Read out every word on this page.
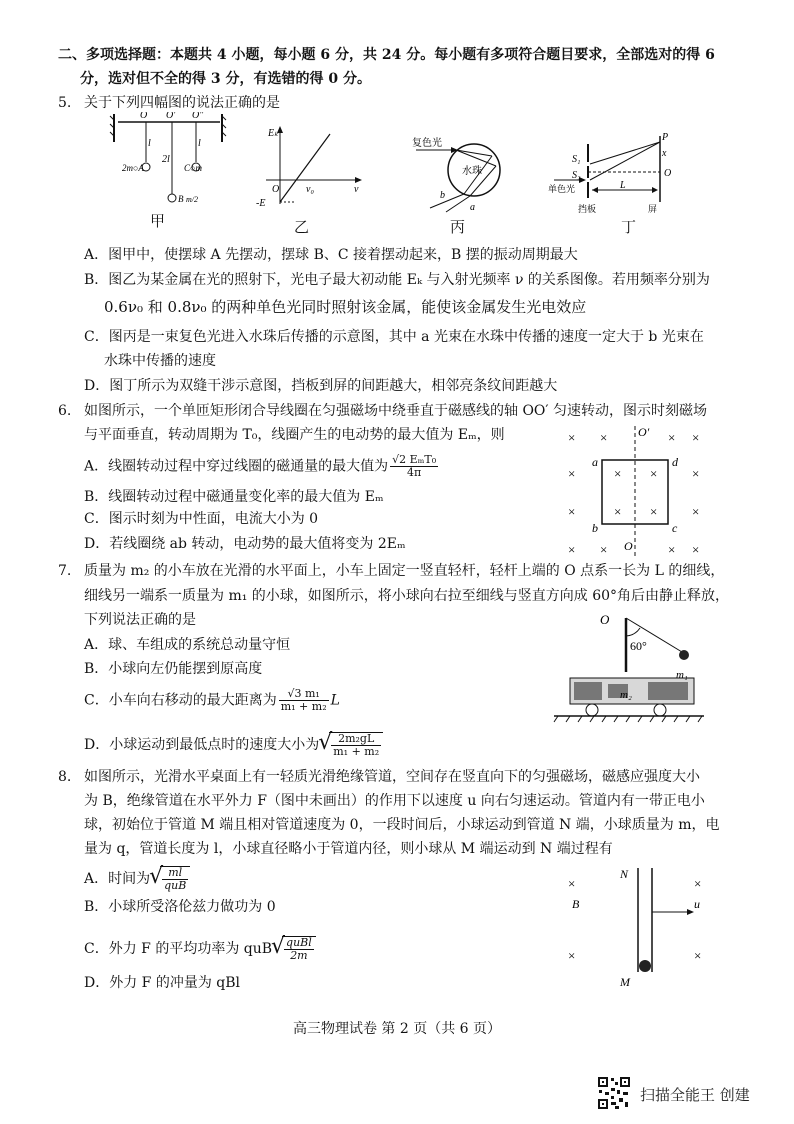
二、多项选择题：本题共 4 小题，每小题 6 分，共 24 分。每小题有多项符合题目要求，全部选对的得 6
分，选对但不全的得 3 分，有选错的得 0 分。
5. 关于下列四幅图的说法正确的是
O O′ O″
l
2l
l
2m○A	C○m
B m/2
甲
Eₖ
O	v₀	v
-E
乙
复色光
水珠
b
a
丙
S₁
S₂
P
x
O
L
单色光
挡板	屏
丁
A．图甲中，使摆球 A 先摆动，摆球 B、C 接着摆动起来，B 摆的振动周期最大
B．图乙为某金属在光的照射下，光电子最大初动能 Eₖ 与入射光频率 ν 的关系图像。若用频率分别为
0.6ν₀ 和 0.8ν₀ 的两种单色光同时照射该金属，能使该金属发生光电效应
C．图丙是一束复色光进入水珠后传播的示意图，其中 a 光束在水珠中传播的速度一定大于 b 光束在
水珠中传播的速度
D．图丁所示为双缝干涉示意图，挡板到屏的间距越大，相邻亮条纹间距越大
6. 如图所示，一个单匝矩形闭合导线圈在匀强磁场中绕垂直于磁感线的轴 OO′ 匀速转动，图示时刻磁场
与平面垂直，转动周期为 T₀，线圈产生的电动势的最大值为 Eₘ，则
A．线圈转动过程中穿过线圈的磁通量的最大值为 $\frac{\text{√2 EₘT₀}}{4\pi}$
B．线圈转动过程中磁通量变化率的最大值为 Eₘ
C．图示时刻为中性面，电流大小为 0
D．若线圈绕 ab 转动，电动势的最大值将变为 2Eₘ
× ×	× ×
×	×
×	×
× ×	× ×
× ×
× ×
O′
O
a	d
b	c
7. 质量为 m₂ 的小车放在光滑的水平面上，小车上固定一竖直轻杆，轻杆上端的 O 点系一长为 L 的细线，
细线另一端系一质量为 m₁ 的小球，如图所示，将小球向右拉至细线与竖直方向成 60°角后由静止释放，
下列说法正确的是
A．球、车组成的系统总动量守恒
B．小球向左仍能摆到原高度
C．小车向右移动的最大距离为 $\frac{\text{√3 m₁}}{\text{m₁ + m₂}}$ L
D．小球运动到最低点时的速度大小为 √ $\frac{\text{2m₂gL}}{\text{m₁ + m₂}}$
O
60°
m₁
m₂
8. 如图所示，光滑水平桌面上有一轻质光滑绝缘管道，空间存在竖直向下的匀强磁场，磁感应强度大小
为 B，绝缘管道在水平外力 F（图中未画出）的作用下以速度 u 向右匀速运动。管道内有一带正电小
球，初始位于管道 M 端且相对管道速度为 0，一段时间后，小球运动到管道 N 端，小球质量为 m，电
量为 q，管道长度为 l，小球直径略小于管道内径，则小球从 M 端运动到 N 端过程有
A．时间为 √ $\frac{ml}{\text{quB}}$
B．小球所受洛伦兹力做功为 0
C．外力 F 的平均功率为 quB √ $\frac{\text{quBl}}{2m}$
D．外力 F 的冲量为 qBl
×	×
×	×
N
M
B	u
高三物理试卷 第 2 页（共 6 页）
扫描全能王 创建
